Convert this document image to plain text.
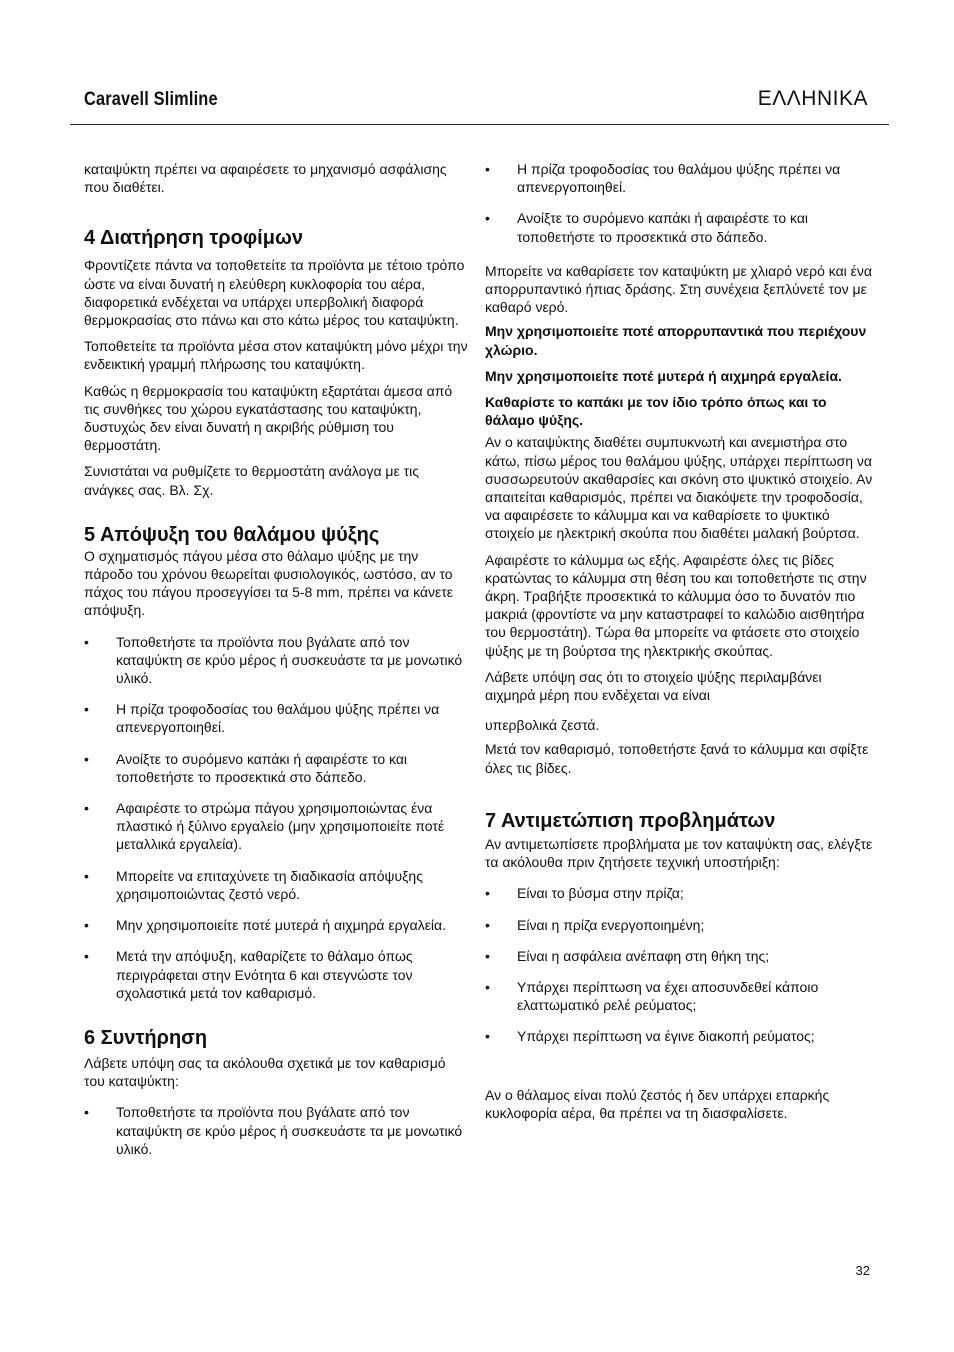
Caravell Slimline	ΕΛΛΗΝΙΚΑ

καταψύκτη πρέπει να αφαιρέσετε το μηχανισμό ασφάλισης που διαθέτει.

4 Διατήρηση τροφίμων

Φροντίζετε πάντα να τοποθετείτε τα προϊόντα με τέτοιο τρόπο ώστε να είναι δυνατή η ελεύθερη κυκλοφορία του αέρα, διαφορετικά ενδέχεται να υπάρχει υπερβολική διαφορά θερμοκρασίας στο πάνω και στο κάτω μέρος του καταψύκτη.

Τοποθετείτε τα προϊόντα μέσα στον καταψύκτη μόνο μέχρι την ενδεικτική γραμμή πλήρωσης του καταψύκτη.

Καθώς η θερμοκρασία του καταψύκτη εξαρτάται άμεσα από τις συνθήκες του χώρου εγκατάστασης του καταψύκτη, δυστυχώς δεν είναι δυνατή η ακριβής ρύθμιση του θερμοστάτη.

Συνιστάται να ρυθμίζετε το θερμοστάτη ανάλογα με τις ανάγκες σας. Βλ. Σχ.

5 Απόψυξη του θαλάμου ψύξης

Ο σχηματισμός πάγου μέσα στο θάλαμο ψύξης με την πάροδο του χρόνου θεωρείται φυσιολογικός, ωστόσο, αν το πάχος του πάγου προσεγγίσει τα 5-8 mm, πρέπει να κάνετε απόψυξη.

• Τοποθετήστε τα προϊόντα που βγάλατε από τον καταψύκτη σε κρύο μέρος ή συσκευάστε τα με μονωτικό υλικό.
• Η πρίζα τροφοδοσίας του θαλάμου ψύξης πρέπει να απενεργοποιηθεί.
• Ανοίξτε το συρόμενο καπάκι ή αφαιρέστε το και τοποθετήστε το προσεκτικά στο δάπεδο.
• Αφαιρέστε το στρώμα πάγου χρησιμοποιώντας ένα πλαστικό ή ξύλινο εργαλείο (μην χρησιμοποιείτε ποτέ μεταλλικά εργαλεία).
• Μπορείτε να επιταχύνετε τη διαδικασία απόψυξης χρησιμοποιώντας ζεστό νερό.
• Μην χρησιμοποιείτε ποτέ μυτερά ή αιχμηρά εργαλεία.
• Μετά την απόψυξη, καθαρίζετε το θάλαμο όπως περιγράφεται στην Ενότητα 6 και στεγνώστε τον σχολαστικά μετά τον καθαρισμό.
6 Συντήρηση

Λάβετε υπόψη σας τα ακόλουθα σχετικά με τον καθαρισμό του καταψύκτη:

• Τοποθετήστε τα προϊόντα που βγάλατε από τον καταψύκτη σε κρύο μέρος ή συσκευάστε τα με μονωτικό υλικό.
• Η πρίζα τροφοδοσίας του θαλάμου ψύξης πρέπει να απενεργοποιηθεί.
• Ανοίξτε το συρόμενο καπάκι ή αφαιρέστε το και τοποθετήστε το προσεκτικά στο δάπεδο.

Μπορείτε να καθαρίσετε τον καταψύκτη με χλιαρό νερό και ένα απορρυπαντικό ήπιας δράσης. Στη συνέχεια ξεπλύνετέ τον με καθαρό νερό.

Μην χρησιμοποιείτε ποτέ απορρυπαντικά που περιέχουν χλώριο.

Μην χρησιμοποιείτε ποτέ μυτερά ή αιχμηρά εργαλεία.

Καθαρίστε το καπάκι με τον ίδιο τρόπο όπως και το θάλαμο ψύξης.

Αν ο καταψύκτης διαθέτει συμπυκνωτή και ανεμιστήρα στο κάτω, πίσω μέρος του θαλάμου ψύξης, υπάρχει περίπτωση να συσσωρευτούν ακαθαρσίες και σκόνη στο ψυκτικό στοιχείο. Αν απαιτείται καθαρισμός, πρέπει να διακόψετε την τροφοδοσία, να αφαιρέσετε το κάλυμμα και να καθαρίσετε το ψυκτικό στοιχείο με ηλεκτρική σκούπα που διαθέτει μαλακή βούρτσα.

Αφαιρέστε το κάλυμμα ως εξής. Αφαιρέστε όλες τις βίδες κρατώντας το κάλυμμα στη θέση του και τοποθετήστε τις στην άκρη. Τραβήξτε προσεκτικά το κάλυμμα όσο το δυνατόν πιο μακριά (φροντίστε να μην καταστραφεί το καλώδιο αισθητήρα του θερμοστάτη). Τώρα θα μπορείτε να φτάσετε στο στοιχείο ψύξης με τη βούρτσα της ηλεκτρικής σκούπας.

Λάβετε υπόψη σας ότι το στοιχείο ψύξης περιλαμβάνει αιχμηρά μέρη που ενδέχεται να είναι

υπερβολικά ζεστά.

Μετά τον καθαρισμό, τοποθετήστε ξανά το κάλυμμα και σφίξτε όλες τις βίδες.

7 Αντιμετώπιση προβλημάτων

Αν αντιμετωπίσετε προβλήματα με τον καταψύκτη σας, ελέγξτε τα ακόλουθα πριν ζητήσετε τεχνική υποστήριξη:

• Είναι το βύσμα στην πρίζα;
• Είναι η πρίζα ενεργοποιημένη;
• Είναι η ασφάλεια ανέπαφη στη θήκη της;
• Υπάρχει περίπτωση να έχει αποσυνδεθεί κάποιο ελαττωματικό ρελέ ρεύματος;
• Υπάρχει περίπτωση να έγινε διακοπή ρεύματος;

Αν ο θάλαμος είναι πολύ ζεστός ή δεν υπάρχει επαρκής κυκλοφορία αέρα, θα πρέπει να τη διασφαλίσετε.

32
